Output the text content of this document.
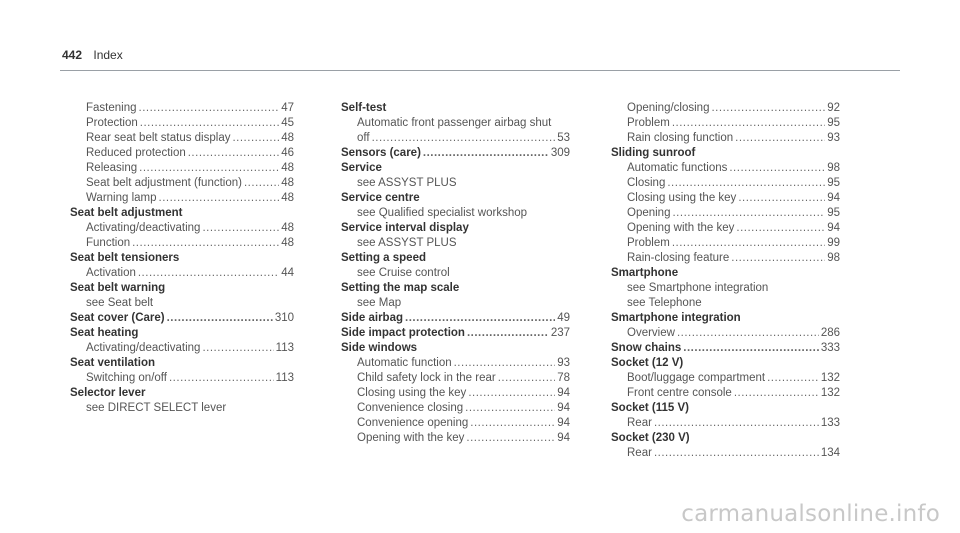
442 Index
Fastening .....	47
Protection .....	45
Rear seat belt status display .....	48
Reduced protection .....	46
Releasing .....	48
Seat belt adjustment (function) .....	48
Warning lamp .....	48
Seat belt adjustment
Activating/deactivating .....	48
Function .....	48
Seat belt tensioners
Activation .....	44
Seat belt warning
see Seat belt
Seat cover (Care) .....	310
Seat heating
Activating/deactivating .....	113
Seat ventilation
Switching on/off .....	113
Selector lever
see DIRECT SELECT lever
Self-test
Automatic front passenger airbag shut
off .....	53
Sensors (care) .....	309
Service
see ASSYST PLUS
Service centre
see Qualified specialist workshop
Service interval display
see ASSYST PLUS
Setting a speed
see Cruise control
Setting the map scale
see Map
Side airbag .....	49
Side impact protection .....	237
Side windows
Automatic function .....	93
Child safety lock in the rear .....	78
Closing using the key .....	94
Convenience closing .....	94
Convenience opening .....	94
Opening with the key .....	94
Opening/closing .....	92
Problem .....	95
Rain closing function .....	93
Sliding sunroof
Automatic functions .....	98
Closing .....	95
Closing using the key .....	94
Opening .....	95
Opening with the key .....	94
Problem .....	99
Rain-closing feature .....	98
Smartphone
see Smartphone integration
see Telephone
Smartphone integration
Overview .....	286
Snow chains .....	333
Socket (12 V)
Boot/luggage compartment .....	132
Front centre console .....	132
Socket (115 V)
Rear .....	133
Socket (230 V)
Rear .....	134
carmanualsonline.info
